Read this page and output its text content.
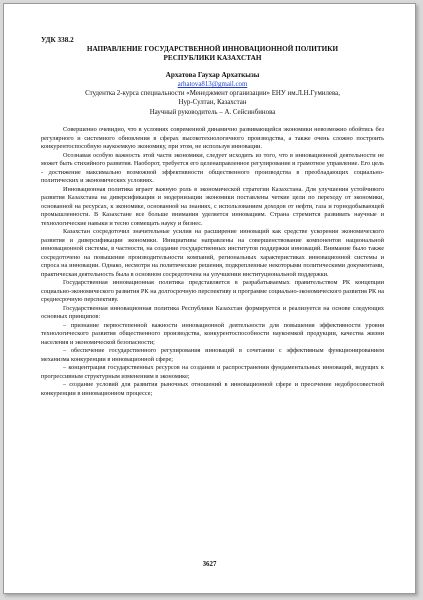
УДК 338.2
НАПРАВЛЕНИЕ ГОСУДАРСТВЕННОЙ ИННОВАЦИОННОЙ ПОЛИТИКИ
РЕСПУБЛИКИ КАЗАХСТАН
Архатова Гаухар Архаткызы
arhatova813@gmail.com
Студентка 2-курса специальности «Менеджмент организации» ЕНУ им.Л.Н.Гумилева,
Нур-Султан, Казахстан
Научный руководитель – А. Сейсинбинова

Совершенно очевидно, что в условиях современной динамично развивающейся экономики невозможно обойтись без регулярного и системного обновления в сферах высокотехнологичного производства, а также очень сложно построить конкурентоспособную наукоемкую экономику, при этом, не используя инновации.

Осознавая особую важность этой части экономики, следует исходить из того, что в инновационной деятельности не может быть стихийного развития. Наоборот, требуется его целенаправленное регулирование и грамотное управление. Его цель - достижение максимально возможной эффективности общественного производства в преобладающих социально-политических и экономических условиях.

Инновационная политика играет важную роль в экономической стратегии Казахстана. Для улучшения устойчивого развития Казахстана на диверсификации и модернизации экономики поставлены четкие цели по переходу от экономики, основанной на ресурсах, к экономике, основанной на знаниях, с использованием доходов от нефти, газа и горнодобывающей промышленности. В Казахстане все больше внимания уделяется инновациям. Страна стремится развивать научные и технологические навыки и тесно совмещать науку и бизнес.

Казахстан сосредоточил значительные усилия на расширение инноваций как средстве ускорения экономического развития и диверсификации экономики. Инициативы направлены на совершенствование компонентов национальной инновационной системы, в частности, на создание государственных институтов поддержки инноваций. Внимание было также сосредоточено на повышение производительности компаний, региональных характеристиках инновационной системы и спроса на инновации. Однако, несмотря на политические решения, подкрепленные некоторыми политическими документами, практическая деятельность была в основном сосредоточена на улучшении институциональной поддержки.

Государственная инновационная политика представляется в разрабатываемых правительством РК концепции социально-экономического развития РК на долгосрочную перспективу и программе социально-экономического развития РК на среднесрочную перспективу.

Государственная инновационная политика Республики Казахстан формируется и реализуется на основе следующих основных принципов:

– признание первостепенной важности инновационной деятельности для повышения эффективности уровня технологического развития общественного производства, конкурентоспособности наукоемкой продукции, качества жизни населения и экономической безопасности;

– обеспечение государственного регулирования инноваций в сочетании с эффективным функционированием механизма конкуренции в инновационной сфере;

– концентрация государственных ресурсов на создании и распространении фундаментальных инноваций, ведущих к прогрессивным структурным изменениям в экономике;

– создание условий для развития рыночных отношений в инновационной сфере и пресечение недобросовестной конкуренции в инновационном процессе;

3627
